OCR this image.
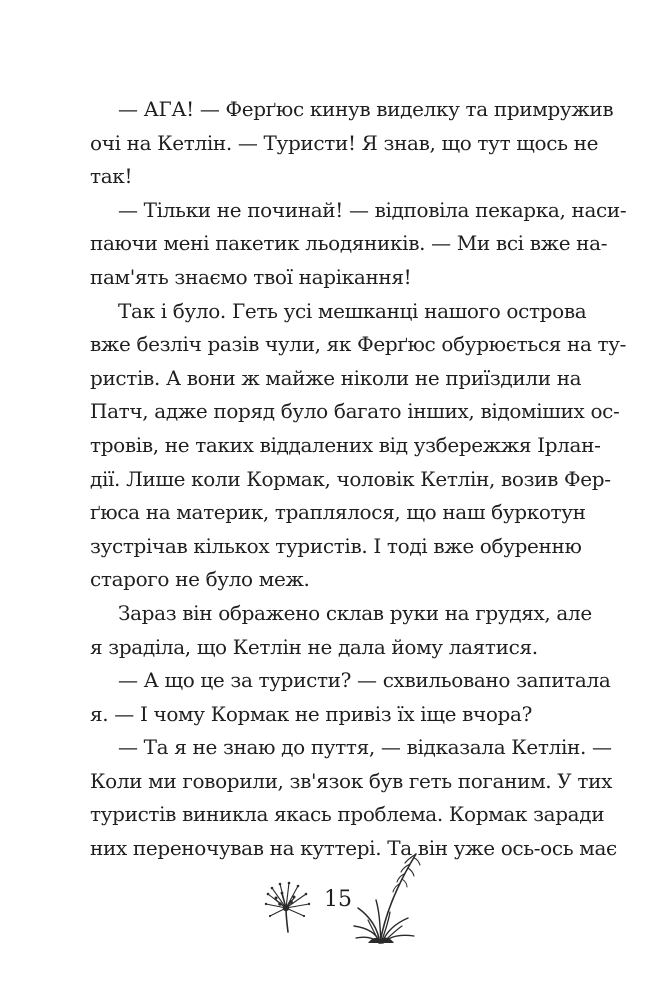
— АГА! — Ферґюс кинув виделку та примружив
очі на Кетлін. — Туристи! Я знав, що тут щось не
так!
— Тільки не починай! — відповіла пекарка, наси-
паючи мені пакетик льодяників. — Ми всі вже на-
пам'ять знаємо твої нарікання!
Так і було. Геть усі мешканці нашого острова
вже безліч разів чули, як Ферґюс обурюється на ту-
ристів. А вони ж майже ніколи не приїздили на
Патч, адже поряд було багато інших, відоміших ос-
тровів, не таких віддалених від узбережжя Ірлан-
дії. Лише коли Кормак, чоловік Кетлін, возив Фер-
ґюса на материк, траплялося, що наш буркотун
зустрічав кількох туристів. І тоді вже обуренню
старого не було меж.
Зараз він ображено склав руки на грудях, але
я зраділа, що Кетлін не дала йому лаятися.
— А що це за туристи? — схвильовано запитала
я. — І чому Кормак не привіз їх іще вчора?
— Та я не знаю до пуття, — відказала Кетлін. —
Коли ми говорили, зв'язок був геть поганим. У тих
туристів виникла якась проблема. Кормак заради
них переночував на куттері. Та він уже ось-ось має
15
